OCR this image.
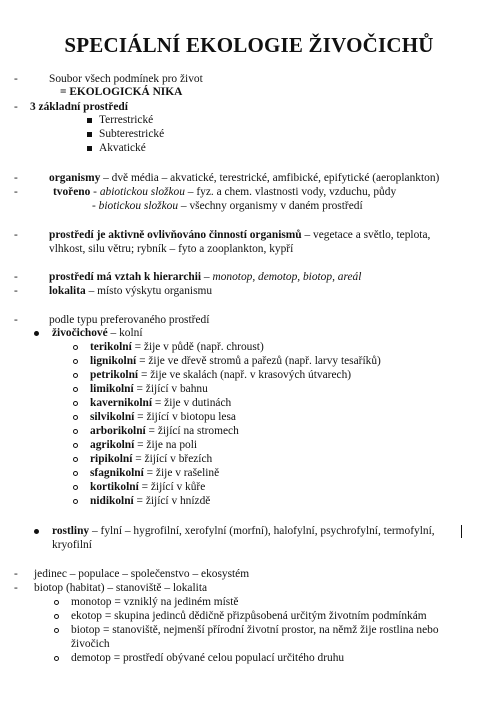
SPECIÁLNÍ EKOLOGIE ŽIVOČICHŮ
-	Soubor všech podmínek pro život
= EKOLOGICKÁ NIKA
- 3 základní prostředí
Terrestrické
Subterestrické
Akvatické
-	organismy – dvě média – akvatické, terestrické, amfibické, epifytické (aeroplankton)
-	tvořeno - abiotickou složkou – fyz. a chem. vlastnosti vody, vzduchu, půdy
- biotickou složkou – všechny organismy v daném prostředí
-	prostředí je aktivně ovlivňováno činností organismů – vegetace a světlo, teplota,
vlhkost, silu větru; rybník – fyto a zooplankton, kypří
-	prostředí má vztah k hierarchii – monotop, demotop, biotop, areál
-	lokalita – místo výskytu organismu
-	podle typu preferovaného prostředí
živočichové – kolní
terikolní = žije v půdě (např. chroust)
lignikolní = žije ve dřevě stromů a pařezů (např. larvy tesaříků)
petrikolní = žije ve skalách (např. v krasových útvarech)
limikolní = žijící v bahnu
kavernikolní = žije v dutinách
silvikolní = žijící v biotopu lesa
arborikolní = žijící na stromech
agrikolní = žije na poli
ripikolní = žijící v březích
sfagnikolní = žije v rašelině
kortikolní = žijící v kůře
nidikolní = žijící v hnízdě
rostliny – fylní – hygrofilní, xerofylní (morfní), halofylní, psychrofylní, termofylní,
kryofilní
- jedinec – populace – společenstvo – ekosystém
- biotop (habitat) – stanoviště – lokalita
monotop = vzniklý na jediném místě
ekotop = skupina jedinců dědičně přizpůsobená určitým životním podmínkám
biotop = stanoviště, nejmenší přírodní životní prostor, na němž žije rostlina nebo
živočich
demotop = prostředí obývané celou populací určitého druhu
